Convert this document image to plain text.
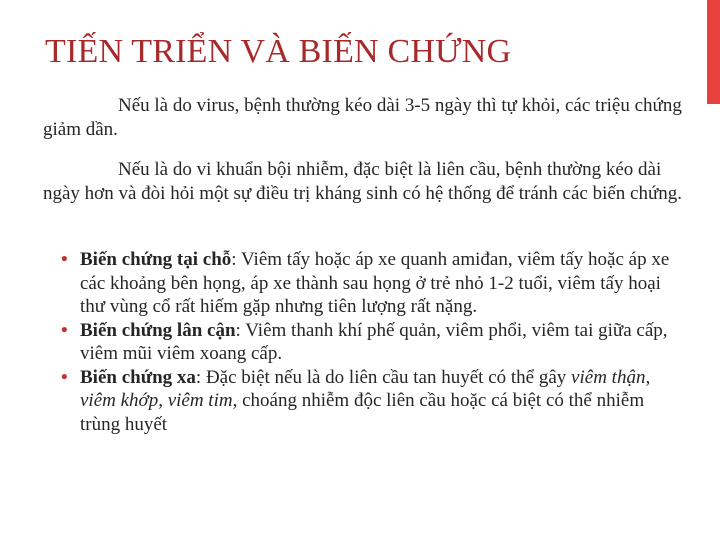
TIẾN TRIỂN VÀ BIẾN CHỨNG

Nếu là do virus, bệnh thường kéo dài 3-5 ngày thì tự khỏi, các triệu chứng giảm dần.

Nếu là do vi khuẩn bội nhiễm, đặc biệt là liên cầu, bệnh thường kéo dài ngày hơn và đòi hỏi một sự điều trị kháng sinh có hệ thống để tránh các biến chứng.

• Biến chứng tại chỗ: Viêm tấy hoặc áp xe quanh amiđan, viêm tấy hoặc áp xe các khoảng bên họng, áp xe thành sau họng ở trẻ nhỏ 1-2 tuổi, viêm tấy hoại thư vùng cổ rất hiếm gặp nhưng tiên lượng rất nặng.
• Biến chứng lân cận: Viêm thanh khí phế quản, viêm phổi, viêm tai giữa cấp, viêm mũi viêm xoang cấp.
• Biến chứng xa: Đặc biệt nếu là do liên cầu tan huyết có thể gây viêm thận, viêm khớp, viêm tim, choáng nhiễm độc liên cầu hoặc cá biệt có thể nhiễm trùng huyết
